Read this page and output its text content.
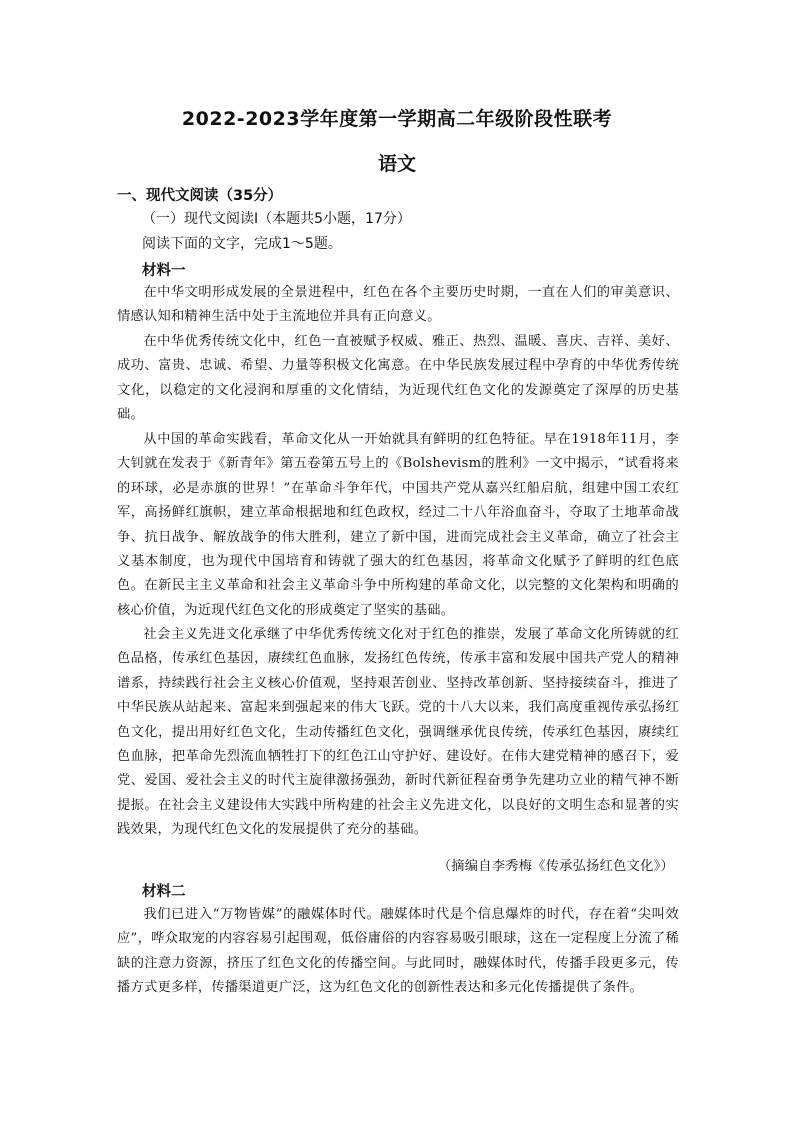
2022-2023学年度第一学期高二年级阶段性联考
语文
一、现代文阅读（35分）
（一）现代文阅读Ⅰ（本题共5小题，17分）
阅读下面的文字，完成1～5题。
材料一

在中华文明形成发展的全景进程中，红色在各个主要历史时期，一直在人们的审美意识、情感认知和精神生活中处于主流地位并具有正向意义。

在中华优秀传统文化中，红色一直被赋予权威、雅正、热烈、温暖、喜庆、吉祥、美好、成功、富贵、忠诚、希望、力量等积极文化寓意。在中华民族发展过程中孕育的中华优秀传统文化，以稳定的文化浸润和厚重的文化情结，为近现代红色文化的发源奠定了深厚的历史基础。

从中国的革命实践看，革命文化从一开始就具有鲜明的红色特征。早在1918年11月，李大钊就在发表于《新青年》第五卷第五号上的《Bolshevism的胜利》一文中揭示，“试看将来的环球，必是赤旗的世界！”在革命斗争年代，中国共产党从嘉兴红船启航，组建中国工农红军，高扬鲜红旗帜，建立革命根据地和红色政权，经过二十八年浴血奋斗，夺取了土地革命战争、抗日战争、解放战争的伟大胜利，建立了新中国，进而完成社会主义革命，确立了社会主义基本制度，也为现代中国培育和铸就了强大的红色基因，将革命文化赋予了鲜明的红色底色。在新民主主义革命和社会主义革命斗争中所构建的革命文化，以完整的文化架构和明确的核心价值，为近现代红色文化的形成奠定了坚实的基础。

社会主义先进文化承继了中华优秀传统文化对于红色的推崇，发展了革命文化所铸就的红色品格，传承红色基因，赓续红色血脉，发扬红色传统，传承丰富和发展中国共产党人的精神谱系，持续践行社会主义核心价值观，坚持艰苦创业、坚持改革创新、坚持接续奋斗，推进了中华民族从站起来、富起来到强起来的伟大飞跃。党的十八大以来，我们高度重视传承弘扬红色文化，提出用好红色文化，生动传播红色文化，强调继承优良传统，传承红色基因，赓续红色血脉，把革命先烈流血牺牲打下的红色江山守护好、建设好。在伟大建党精神的感召下，爱党、爱国、爱社会主义的时代主旋律激扬强劲，新时代新征程奋勇争先建功立业的精气神不断提振。在社会主义建设伟大实践中所构建的社会主义先进文化，以良好的文明生态和显著的实践效果，为现代红色文化的发展提供了充分的基础。

（摘编自李秀梅《传承弘扬红色文化》）
材料二

我们已进入“万物皆媒”的融媒体时代。融媒体时代是个信息爆炸的时代，存在着“尖叫效应”，哗众取宠的内容容易引起围观，低俗庸俗的内容容易吸引眼球，这在一定程度上分流了稀缺的注意力资源，挤压了红色文化的传播空间。与此同时，融媒体时代，传播手段更多元，传播方式更多样，传播渠道更广泛，这为红色文化的创新性表达和多元化传播提供了条件。
